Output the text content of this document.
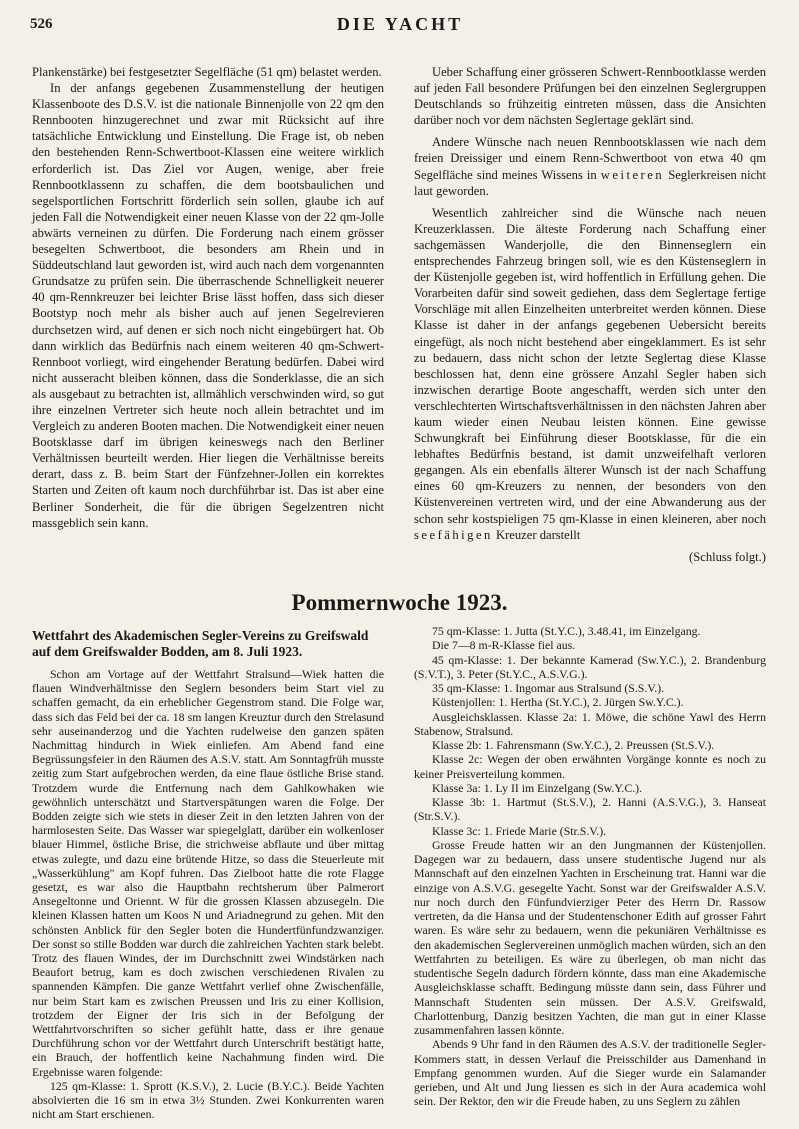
526	DIE YACHT

Plankenstärke) bei festgesetzter Segelfläche (51 qm) belastet werden.

In der anfangs gegebenen Zusammenstellung der heutigen Klassenboote des D.S.V. ist die nationale Binnenjolle von 22 qm den Rennbooten hinzugerechnet und zwar mit Rücksicht auf ihre tatsächliche Entwicklung und Einstellung. Die Frage ist, ob neben den bestehenden Renn-Schwertboot-Klassen eine weitere wirklich erforderlich ist. Das Ziel vor Augen, wenige, aber freie Rennbootklassenn zu schaffen, die dem bootsbaulichen und segelsportlichen Fortschritt förderlich sein sollen, glaube ich auf jeden Fall die Notwendigkeit einer neuen Klasse von der 22 qm-Jolle abwärts verneinen zu dürfen. Die Forderung nach einem grösser besegelten Schwertboot, die besonders am Rhein und in Süddeutschland laut geworden ist, wird auch nach dem vorgenannten Grundsatze zu prüfen sein. Die überraschende Schnelligkeit neuerer 40 qm-Rennkreuzer bei leichter Brise lässt hoffen, dass sich dieser Bootstyp noch mehr als bisher auch auf jenen Segelrevieren durchsetzen wird, auf denen er sich noch nicht eingebürgert hat. Ob dann wirklich das Bedürfnis nach einem weiteren 40 qm-Schwert-Rennboot vorliegt, wird eingehender Beratung bedürfen. Dabei wird nicht ausseracht bleiben können, dass die Sonderklasse, die an sich als ausgebaut zu betrachten ist, allmählich verschwinden wird, so gut ihre einzelnen Vertreter sich heute noch allein betrachtet und im Vergleich zu anderen Booten machen. Die Notwendigkeit einer neuen Bootsklasse darf im übrigen keineswegs nach den Berliner Verhältnissen beurteilt werden. Hier liegen die Verhältnisse bereits derart, dass z. B. beim Start der Fünfzehner-Jollen ein korrektes Starten und Zeiten oft kaum noch durchführbar ist. Das ist aber eine Berliner Sonderheit, die für die übrigen Segelzentren nicht massgeblich sein kann.

Ueber Schaffung einer grösseren Schwert-Rennbootklasse werden auf jeden Fall besondere Prüfungen bei den einzelnen Seglergruppen Deutschlands so frühzeitig eintreten müssen, dass die Ansichten darüber noch vor dem nächsten Seglertage geklärt sind.

Andere Wünsche nach neuen Rennbootsklassen wie nach dem freien Dreissiger und einem Renn-Schwertboot von etwa 40 qm Segelfläche sind meines Wissens in weiteren Seglerkreisen nicht laut geworden.

Wesentlich zahlreicher sind die Wünsche nach neuen Kreuzerklassen. Die älteste Forderung nach Schaffung einer sachgemässen Wanderjolle, die den Binnenseglern ein entsprechendes Fahrzeug bringen soll, wie es den Küstenseglern in der Küstenjolle gegeben ist, wird hoffentlich in Erfüllung gehen. Die Vorarbeiten dafür sind soweit gediehen, dass dem Seglertage fertige Vorschläge mit allen Einzelheiten unterbreitet werden können. Diese Klasse ist daher in der anfangs gegebenen Uebersicht bereits eingefügt, als noch nicht bestehend aber eingeklammert. Es ist sehr zu bedauern, dass nicht schon der letzte Seglertag diese Klasse beschlossen hat, denn eine grössere Anzahl Segler haben sich inzwischen derartige Boote angeschafft, werden sich unter den verschlechterten Wirtschaftsverhältnissen in den nächsten Jahren aber kaum wieder einen Neubau leisten können. Eine gewisse Schwungkraft bei Einführung dieser Bootsklasse, für die ein lebhaftes Bedürfnis bestand, ist damit unzweifelhaft verloren gegangen. Als ein ebenfalls älterer Wunsch ist der nach Schaffung eines 60 qm-Kreuzers zu nennen, der besonders von den Küstenvereinen vertreten wird, und der eine Abwanderung aus der schon sehr kostspieligen 75 qm-Klasse in einen kleineren, aber noch seefähigen Kreuzer darstellt

(Schluss folgt.)

Pommernwoche 1923.
Wettfahrt des Akademischen Segler-Vereins zu Greifswald auf dem Greifswalder Bodden, am 8. Juli 1923.

Schon am Vortage auf der Wettfahrt Stralsund—Wiek hatten die flauen Windverhältnisse den Seglern besonders beim Start viel zu schaffen gemacht, da ein erheblicher Gegenstrom stand. Die Folge war, dass sich das Feld bei der ca. 18 sm langen Kreuztur durch den Strelasund sehr auseinanderzog und die Yachten rudelweise den ganzen späten Nachmittag hindurch in Wiek einliefen. Am Abend fand eine Begrüssungsfeier in den Räumen des A.S.V. statt. Am Sonntagfrüh musste zeitig zum Start aufgebrochen werden, da eine flaue östliche Brise stand. Trotzdem wurde die Entfernung nach dem Gahlkowhaken wie gewöhnlich unterschätzt und Startverspätungen waren die Folge. Der Bodden zeigte sich wie stets in dieser Zeit in den letzten Jahren von der harmlosesten Seite. Das Wasser war spiegelglatt, darüber ein wolkenloser blauer Himmel, östliche Brise, die strichweise abflaute und über mittag etwas zulegte, und dazu eine brütende Hitze, so dass die Steuerleute mit „Wasserkühlung" am Kopf fuhren. Das Zielboot hatte die rote Flagge gesetzt, es war also die Hauptbahn rechtsherum über Palmerort Ansegeltonne und Oriennt. W für die grossen Klassen abzusegeln. Die kleinen Klassen hatten um Koos N und Ariadnegrund zu gehen. Mit den schönsten Anblick für den Segler boten die Hundertfünfundzwanziger. Der sonst so stille Bodden war durch die zahlreichen Yachten stark belebt. Trotz des flauen Windes, der im Durchschnitt zwei Windstärken nach Beaufort betrug, kam es doch zwischen verschiedenen Rivalen zu spannenden Kämpfen. Die ganze Wettfahrt verlief ohne Zwischenfälle, nur beim Start kam es zwischen Preussen und Iris zu einer Kollision, trotzdem der Eigner der Iris sich in der Befolgung der Wettfahrtvorschriften so sicher gefühlt hatte, dass er ihre genaue Durchführung schon vor der Wettfahrt durch Unterschrift bestätigt hatte, ein Brauch, der hoffentlich keine Nachahmung finden wird. Die Ergebnisse waren folgende:

125 qm-Klasse: 1. Sprott (K.S.V.), 2. Lucie (B.Y.C.). Beide Yachten absolvierten die 16 sm in etwa 3½ Stunden. Zwei Konkurrenten waren nicht am Start erschienen.

75 qm-Klasse: 1. Jutta (St.Y.C.), 3.48.41, im Einzelgang.

Die 7—8 m-R-Klasse fiel aus.

45 qm-Klasse: 1. Der bekannte Kamerad (Sw.Y.C.), 2. Brandenburg (S.V.T.), 3. Peter (St.Y.C., A.S.V.G.).

35 qm-Klasse: 1. Ingomar aus Stralsund (S.S.V.).

Küstenjollen: 1. Hertha (St.Y.C.), 2. Jürgen Sw.Y.C.).

Ausgleichsklassen. Klasse 2a: 1. Möwe, die schöne Yawl des Herrn Stabenow, Stralsund.

Klasse 2b: 1. Fahrensmann (Sw.Y.C.), 2. Preussen (St.S.V.).

Klasse 2c: Wegen der oben erwähnten Vorgänge konnte es noch zu keiner Preisverteilung kommen.

Klasse 3a: 1. Ly II im Einzelgang (Sw.Y.C.).

Klasse 3b: 1. Hartmut (St.S.V.), 2. Hanni (A.S.V.G.), 3. Hanseat (Str.S.V.).

Klasse 3c: 1. Friede Marie (Str.S.V.).

Grosse Freude hatten wir an den Jungmannen der Küstenjollen. Dagegen war zu bedauern, dass unsere studentische Jugend nur als Mannschaft auf den einzelnen Yachten in Erscheinung trat. Hanni war die einzige von A.S.V.G. gesegelte Yacht. Sonst war der Greifswalder A.S.V. nur noch durch den Fünfundvierziger Peter des Herrn Dr. Rassow vertreten, da die Hansa und der Studentenschoner Edith auf grosser Fahrt waren. Es wäre sehr zu bedauern, wenn die pekuniären Verhältnisse es den akademischen Seglervereinen unmöglich machen würden, sich an den Wettfahrten zu beteiligen. Es wäre zu überlegen, ob man nicht das studentische Segeln dadurch fördern könnte, dass man eine Akademische Ausgleichsklasse schafft. Bedingung müsste dann sein, dass Führer und Mannschaft Studenten sein müssen. Der A.S.V. Greifswald, Charlottenburg, Danzig besitzen Yachten, die man gut in einer Klasse zusammenfahren lassen könnte.

Abends 9 Uhr fand in den Räumen des A.S.V. der traditionelle Segler-Kommers statt, in dessen Verlauf die Preisschilder aus Damenhand in Empfang genommen wurden. Auf die Sieger wurde ein Salamander gerieben, und Alt und Jung liessen es sich in der Aura academica wohl sein. Der Rektor, den wir die Freude haben, zu uns Seglern zu zählen
